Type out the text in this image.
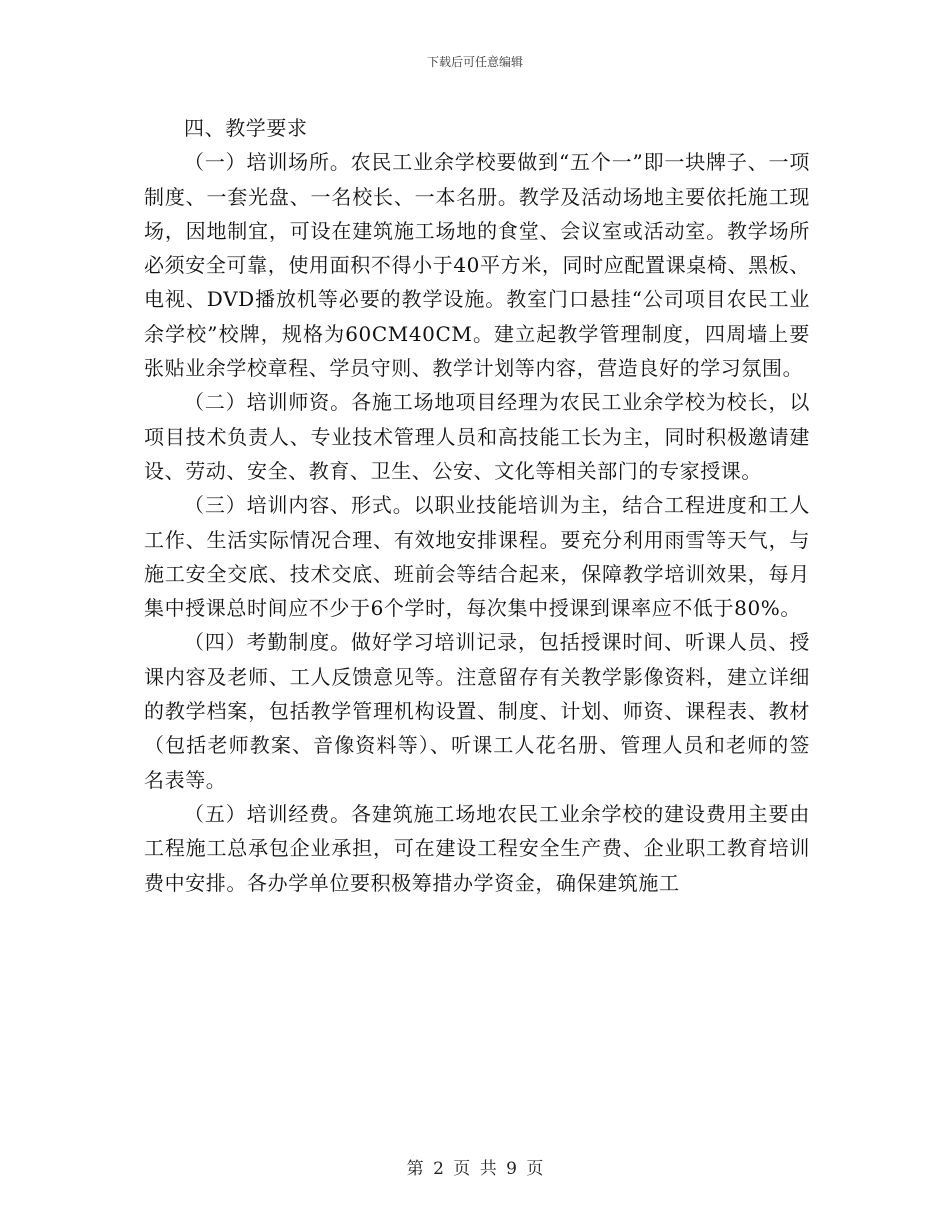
下载后可任意编辑

四、教学要求

（一）培训场所。农民工业余学校要做到“五个一”即一块牌子、一项制度、一套光盘、一名校长、一本名册。教学及活动场地主要依托施工现场，因地制宜，可设在建筑施工场地的食堂、会议室或活动室。教学场所必须安全可靠，使用面积不得小于40平方米，同时应配置课桌椅、黑板、电视、DVD播放机等必要的教学设施。教室门口悬挂“公司项目农民工业余学校”校牌，规格为60CM40CM。建立起教学管理制度，四周墙上要张贴业余学校章程、学员守则、教学计划等内容，营造良好的学习氛围。

（二）培训师资。各施工场地项目经理为农民工业余学校为校长，以项目技术负责人、专业技术管理人员和高技能工长为主，同时积极邀请建设、劳动、安全、教育、卫生、公安、文化等相关部门的专家授课。

（三）培训内容、形式。以职业技能培训为主，结合工程进度和工人工作、生活实际情况合理、有效地安排课程。要充分利用雨雪等天气，与施工安全交底、技术交底、班前会等结合起来，保障教学培训效果，每月集中授课总时间应不少于6个学时，每次集中授课到课率应不低于80%。

（四）考勤制度。做好学习培训记录，包括授课时间、听课人员、授课内容及老师、工人反馈意见等。注意留存有关教学影像资料，建立详细的教学档案，包括教学管理机构设置、制度、计划、师资、课程表、教材（包括老师教案、音像资料等）、听课工人花名册、管理人员和老师的签名表等。

（五）培训经费。各建筑施工场地农民工业余学校的建设费用主要由工程施工总承包企业承担，可在建设工程安全生产费、企业职工教育培训费中安排。各办学单位要积极筹措办学资金，确保建筑施工

第 2 页 共 9 页
